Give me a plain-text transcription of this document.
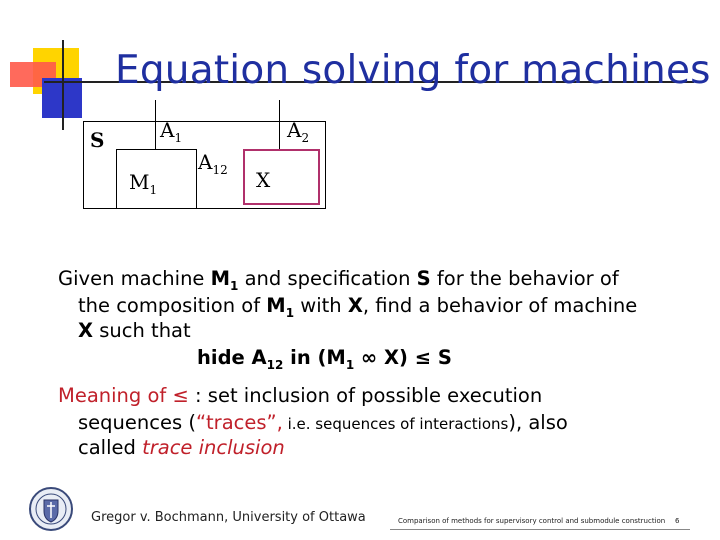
Equation solving for machines
S	$A_1$	$A_2$
$A_{12}$
$M_1$	X
Given machine $M_1$ and specification S for the behavior of
the composition of $M_1$ with X, find a behavior of machine
X such that
hide $A_{12}$ in ($M_1$ ∞ X) ≤ S
Meaning of ≤ : set inclusion of possible execution
sequences (“traces”, i.e. sequences of interactions), also
called trace inclusion
Gregor v. Bochmann, University of Ottawa	Comparison of methods for supervisory control and submodule construction 6
